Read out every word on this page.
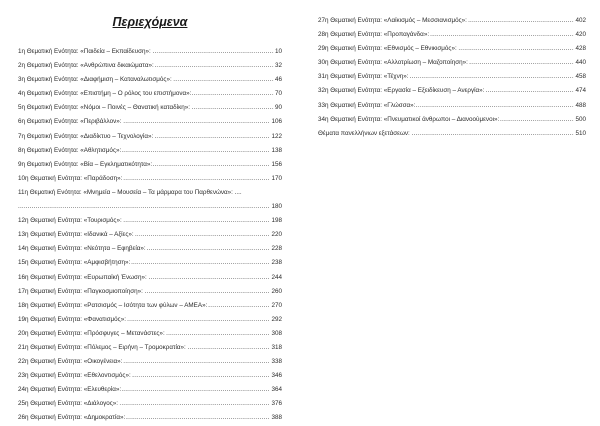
Περιεχόμενα
..... 1η Θεματική Ενότητα: «Παιδεία – Εκπαίδευση»:	10
..... 2η Θεματική Ενότητα: «Ανθρώπινα δικαιώματα»:	32
..... 3η Θεματική Ενότητα: «Διαφήμιση – Καταναλωτισμός»:	46
..... 4η Θεματική Ενότητα: «Επιστήμη – Ο ρόλος του επιστήμονα»:	70
..... 5η Θεματική Ενότητα: «Νόμοι – Ποινές – Θανατική καταδίκη»:	90
..... 6η Θεματική Ενότητα: «Περιβάλλον»:	106
..... 7η Θεματική Ενότητα: «Διαδίκτυο – Τεχνολογία»:	122
..... 8η Θεματική Ενότητα: «Αθλητισμός»:	138
..... 9η Θεματική Ενότητα: «Βία – Εγκληματικότητα»:	156
..... 10η Θεματική Ενότητα: «Παράδοση»:	170
11η Θεματική Ενότητα: «Μνημεία – Μουσεία – Τα μάρμαρα του Παρθενώνα»: ....
..... 180
..... 12η Θεματική Ενότητα: «Τουρισμός»:	198
..... 13η Θεματική Ενότητα: «Ιδανικά – Αξίες»:	220
..... 14η Θεματική Ενότητα: «Νεότητα – Εφηβεία»:	228
..... 15η Θεματική Ενότητα: «Αμφισβήτηση»:	238
..... 16η Θεματική Ενότητα: «Ευρωπαϊκή Ένωση»:	244
..... 17η Θεματική Ενότητα: «Παγκοσμιοποίηση»:	260
..... 18η Θεματική Ενότητα: «Ρατσισμός – Ισότητα των φύλων – ΑΜΕΑ»:	270
..... 19η Θεματική Ενότητα: «Φανατισμός»:	292
..... 20η Θεματική Ενότητα: «Πρόσφυγες – Μετανάστες»:	308
..... 21η Θεματική Ενότητα: «Πόλεμος – Ειρήνη – Τρομοκρατία»:	318
..... 22η Θεματική Ενότητα: «Οικογένεια»:	338
..... 23η Θεματική Ενότητα: «Εθελοντισμός»:	346
..... 24η Θεματική Ενότητα: «Ελευθερία»:	364
..... 25η Θεματική Ενότητα: «Διάλογος»:	376
..... 26η Θεματική Ενότητα: «Δημοκρατία»:	388
..... 27η Θεματική Ενότητα: «Λαϊκισμός – Μεσσιανισμός»:	402
..... 28η Θεματική Ενότητα: «Προπαγάνδα»:	420
..... 29η Θεματική Ενότητα: «Εθνισμός – Εθνικισμός»:	428
..... 30η Θεματική Ενότητα: «Αλλοτρίωση – Μαζοποίηση»:	440
..... 31η Θεματική Ενότητα: «Τέχνη»:	458
..... 32η Θεματική Ενότητα: «Εργασία – Εξειδίκευση – Ανεργία»:	474
..... 33η Θεματική Ενότητα: «Γλώσσα»:	488
..... 34η Θεματική Ενότητα: «Πνευματικοί άνθρωποι – Διανοούμενοι»:	500
..... Θέματα πανελλήνιων εξετάσεων:	510
